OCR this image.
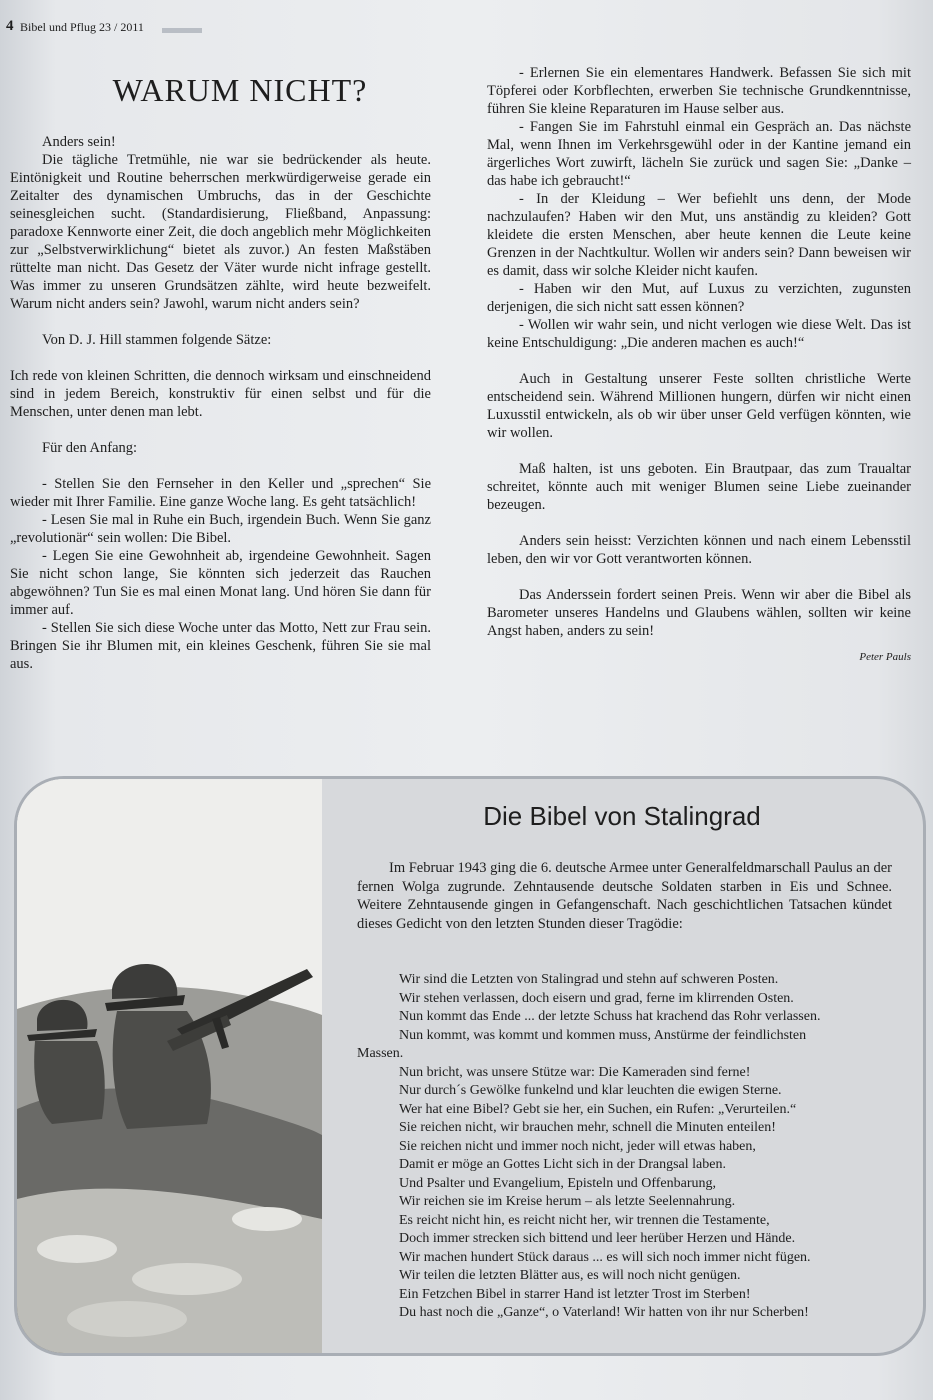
4 Bibel und Pflug 23 / 2011
WARUM NICHT?

Anders sein!

Die tägliche Tretmühle, nie war sie bedrückender als heute. Eintönigkeit und Routine beherrschen merkwürdigerweise gerade ein Zeitalter des dynamischen Umbruchs, das in der Geschichte seinesgleichen sucht. (Standardisierung, Fließband, Anpassung: paradoxe Kennworte einer Zeit, die doch angeblich mehr Möglichkeiten zur „Selbstverwirklichung“ bietet als zuvor.) An festen Maßstäben rüttelte man nicht. Das Gesetz der Väter wurde nicht infrage gestellt. Was immer zu unseren Grundsätzen zählte, wird heute bezweifelt. Warum nicht anders sein? Jawohl, warum nicht anders sein?

Von D. J. Hill stammen folgende Sätze:

Ich rede von kleinen Schritten, die dennoch wirksam und einschneidend sind in jedem Bereich, konstruktiv für einen selbst und für die Menschen, unter denen man lebt.

Für den Anfang:

- Stellen Sie den Fernseher in den Keller und „sprechen“ Sie wieder mit Ihrer Familie. Eine ganze Woche lang. Es geht tatsächlich!

- Lesen Sie mal in Ruhe ein Buch, irgendein Buch. Wenn Sie ganz „revolutionär“ sein wollen: Die Bibel.

- Legen Sie eine Gewohnheit ab, irgendeine Gewohnheit. Sagen Sie nicht schon lange, Sie könnten sich jederzeit das Rauchen abgewöhnen? Tun Sie es mal einen Monat lang. Und hören Sie dann für immer auf.

- Stellen Sie sich diese Woche unter das Motto, Nett zur Frau sein. Bringen Sie ihr Blumen mit, ein kleines Geschenk, führen Sie sie mal aus.

- Erlernen Sie ein elementares Handwerk. Befassen Sie sich mit Töpferei oder Korbflechten, erwerben Sie technische Grundkenntnisse, führen Sie kleine Reparaturen im Hause selber aus.

- Fangen Sie im Fahrstuhl einmal ein Gespräch an. Das nächste Mal, wenn Ihnen im Verkehrsgewühl oder in der Kantine jemand ein ärgerliches Wort zuwirft, lächeln Sie zurück und sagen Sie: „Danke – das habe ich gebraucht!“

- In der Kleidung – Wer befiehlt uns denn, der Mode nachzulaufen? Haben wir den Mut, uns anständig zu kleiden? Gott kleidete die ersten Menschen, aber heute kennen die Leute keine Grenzen in der Nachtkultur. Wollen wir anders sein? Dann beweisen wir es damit, dass wir solche Kleider nicht kaufen.

- Haben wir den Mut, auf Luxus zu verzichten, zugunsten derjenigen, die sich nicht satt essen können?

- Wollen wir wahr sein, und nicht verlogen wie diese Welt. Das ist keine Entschuldigung: „Die anderen machen es auch!“

Auch in Gestaltung unserer Feste sollten christliche Werte entscheidend sein. Während Millionen hungern, dürfen wir nicht einen Luxusstil entwickeln, als ob wir über unser Geld verfügen könnten, wie wir wollen.

Maß halten, ist uns geboten. Ein Brautpaar, das zum Traualtar schreitet, könnte auch mit weniger Blumen seine Liebe zueinander bezeugen.

Anders sein heisst: Verzichten können und nach einem Lebensstil leben, den wir vor Gott verantworten können.

Das Anderssein fordert seinen Preis. Wenn wir aber die Bibel als Barometer unseres Handelns und Glaubens wählen, sollten wir keine Angst haben, anders zu sein!

Peter Pauls

Die Bibel von Stalingrad

Im Februar 1943 ging die 6. deutsche Armee unter Generalfeldmarschall Paulus an der fernen Wolga zugrunde. Zehntausende deutsche Soldaten starben in Eis und Schnee. Weitere Zehntausende gingen in Gefangenschaft. Nach geschichtlichen Tatsachen kündet dieses Gedicht von den letzten Stunden dieser Tragödie:

Wir sind die Letzten von Stalingrad und stehn auf schweren Posten.
Wir stehen verlassen, doch eisern und grad, ferne im klirrenden Osten.
Nun kommt das Ende ... der letzte Schuss hat krachend das Rohr verlassen.
Nun kommt, was kommt und kommen muss, Anstürme der feindlichsten
Massen.
Nun bricht, was unsere Stütze war: Die Kameraden sind ferne!
Nur durch´s Gewölke funkelnd und klar leuchten die ewigen Sterne.
Wer hat eine Bibel? Gebt sie her, ein Suchen, ein Rufen: „Verurteilen.“
Sie reichen nicht, wir brauchen mehr, schnell die Minuten enteilen!
Sie reichen nicht und immer noch nicht, jeder will etwas haben,
Damit er möge an Gottes Licht sich in der Drangsal laben.
Und Psalter und Evangelium, Episteln und Offenbarung,
Wir reichen sie im Kreise herum – als letzte Seelennahrung.
Es reicht nicht hin, es reicht nicht her, wir trennen die Testamente,
Doch immer strecken sich bittend und leer herüber Herzen und Hände.
Wir machen hundert Stück daraus ... es will sich noch immer nicht fügen.
Wir teilen die letzten Blätter aus, es will noch nicht genügen.
Ein Fetzchen Bibel in starrer Hand ist letzter Trost im Sterben!
Du hast noch die „Ganze“, o Vaterland! Wir hatten von ihr nur Scherben!
